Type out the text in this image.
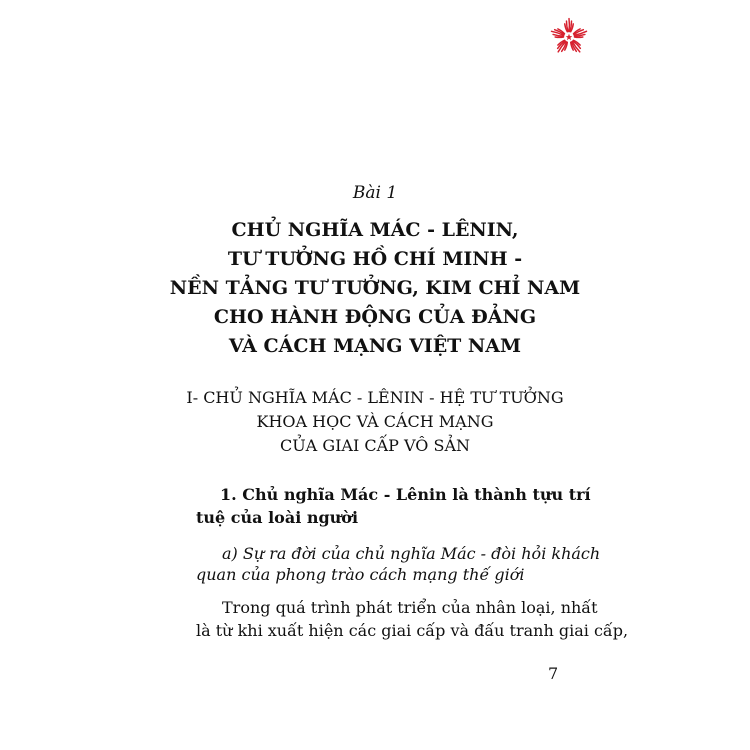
Bài 1
CHỦ NGHĨA MÁC - LÊNIN,
TƯ TƯỞNG HỒ CHÍ MINH -
NỀN TẢNG TƯ TƯỞNG, KIM CHỈ NAM
CHO HÀNH ĐỘNG CỦA ĐẢNG
VÀ CÁCH MẠNG VIỆT NAM
I- CHỦ NGHĨA MÁC - LÊNIN - HỆ TƯ TƯỞNG
KHOA HỌC VÀ CÁCH MẠNG
CỦA GIAI CẤP VÔ SẢN
1. Chủ nghĩa Mác - Lênin là thành tựu trí
tuệ của loài người
a) Sự ra đời của chủ nghĩa Mác - đòi hỏi khách
quan của phong trào cách mạng thế giới
Trong quá trình phát triển của nhân loại, nhất
là từ khi xuất hiện các giai cấp và đấu tranh giai cấp,
7
